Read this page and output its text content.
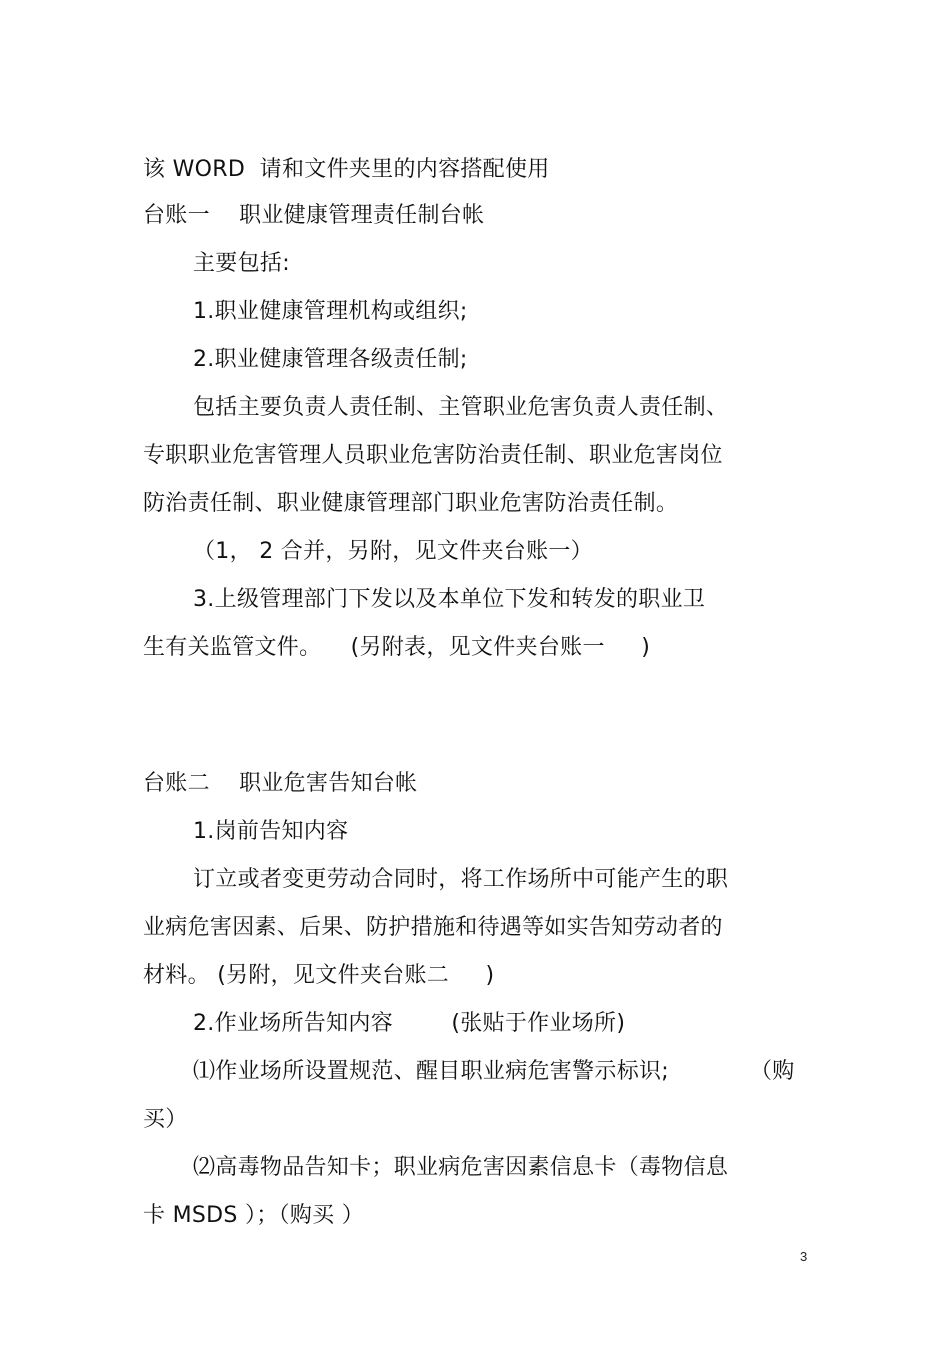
该 WORD  请和文件夹里的内容搭配使用
台账一    职业健康管理责任制台帐
主要包括:
1.职业健康管理机构或组织;
2.职业健康管理各级责任制;
包括主要负责人责任制、主管职业危害负责人责任制、
专职职业危害管理人员职业危害防治责任制、职业危害岗位
防治责任制、职业健康管理部门职业危害防治责任制。
（1， 2 合并，另附，见文件夹台账一）
3.上级管理部门下发以及本单位下发和转发的职业卫
生有关监管文件。    (另附表，见文件夹台账一     )
台账二    职业危害告知台帐
1.岗前告知内容
订立或者变更劳动合同时，将工作场所中可能产生的职
业病危害因素、后果、防护措施和待遇等如实告知劳动者的
材料。 (另附，见文件夹台账二     )
2.作业场所告知内容        (张贴于作业场所)
⑴作业场所设置规范、醒目职业病危害警示标识;	（购
买）
⑵高毒物品告知卡；职业病危害因素信息卡（毒物信息
卡 MSDS ）；（购买 ）
3
